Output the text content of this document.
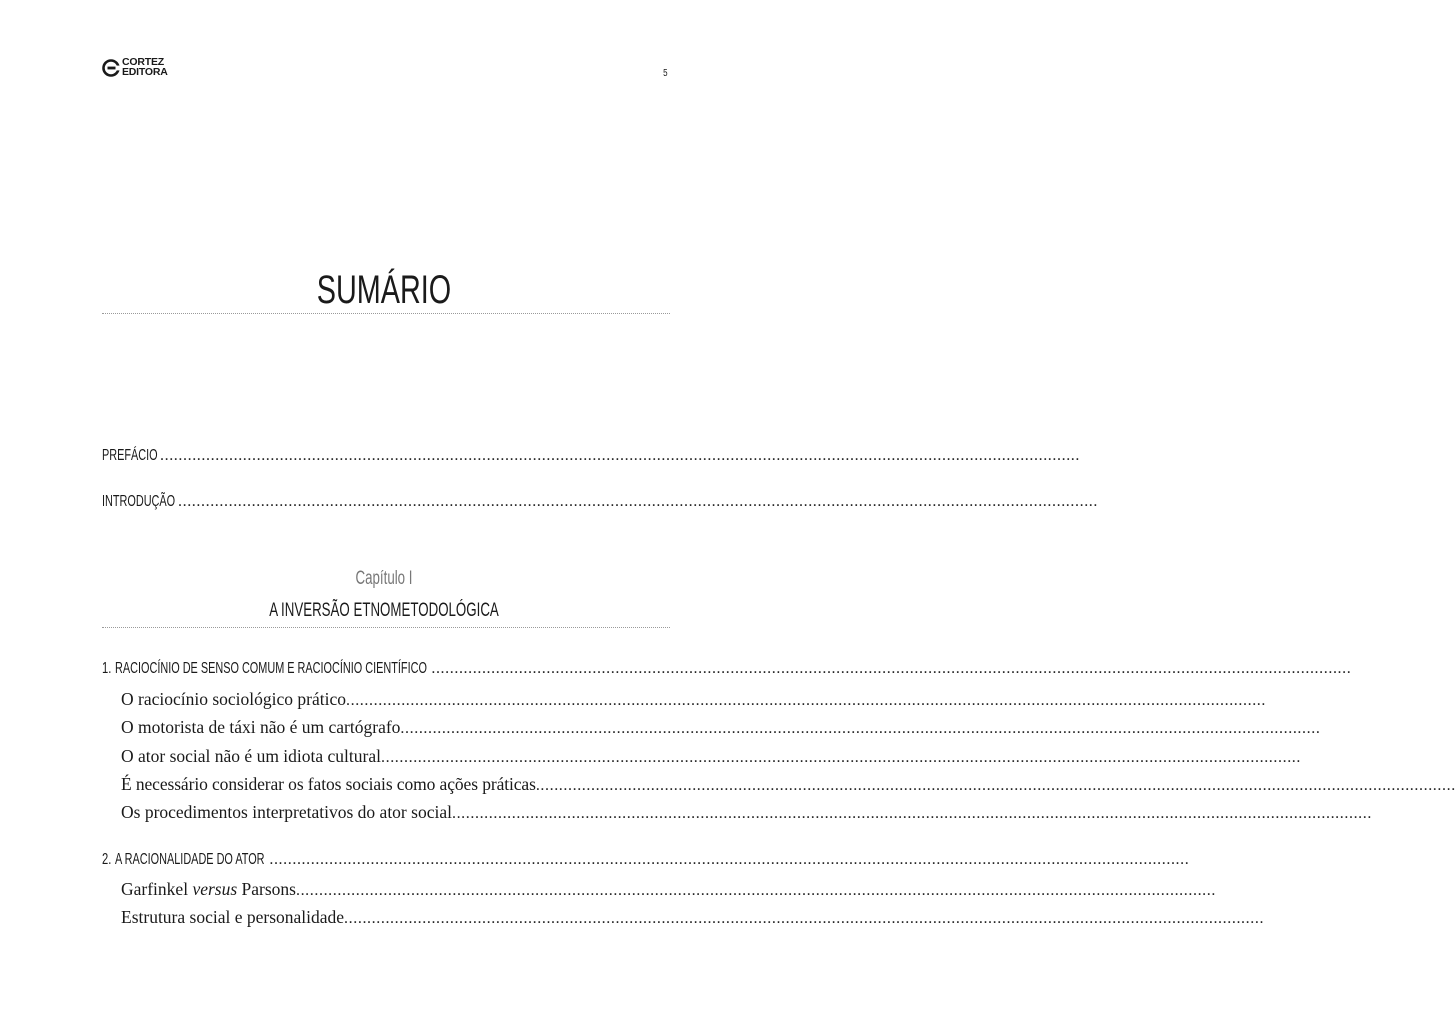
CORTEZ
EDITORA	5
SUMÁRIO
PREFÁCIO ........................................................................................................................................................................................................
INTRODUÇÃO ........................................................................................................................................................................................................
Capítulo I
A INVERSÃO ETNOMETODOLÓGICA
1. RACIOCÍNIO DE SENSO COMUM E RACIOCÍNIO CIENTÍFICO ........................................................................................................................................................................................................
O raciocínio sociológico prático ........................................................................................................................................................................................................
O motorista de táxi não é um cartógrafo ........................................................................................................................................................................................................
O ator social não é um idiota cultural ........................................................................................................................................................................................................
É necessário considerar os fatos sociais como ações práticas ........................................................................................................................................................................................................
Os procedimentos interpretativos do ator social ........................................................................................................................................................................................................
2. A RACIONALIDADE DO ATOR ........................................................................................................................................................................................................
Garfinkel versus Parsons ........................................................................................................................................................................................................
Estrutura social e personalidade ........................................................................................................................................................................................................
